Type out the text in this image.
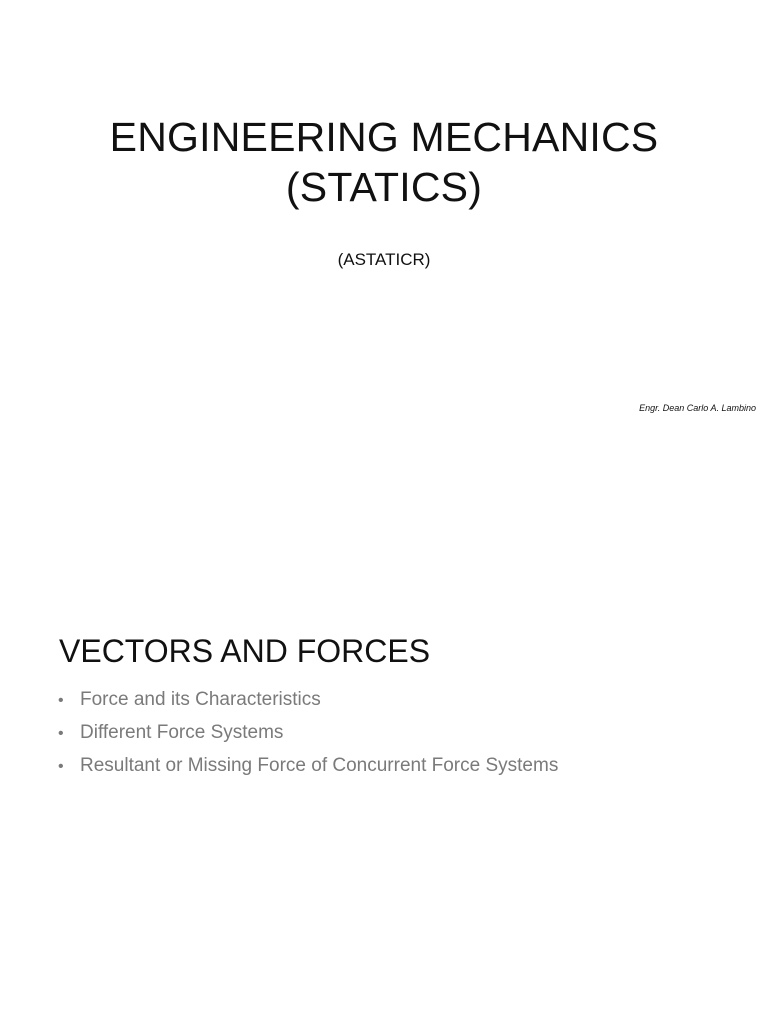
ENGINEERING MECHANICS
(STATICS)
(ASTATICR)
Engr. Dean Carlo A. Lambino
VECTORS AND FORCES
• Force and its Characteristics
• Different Force Systems
• Resultant or Missing Force of Concurrent Force Systems
